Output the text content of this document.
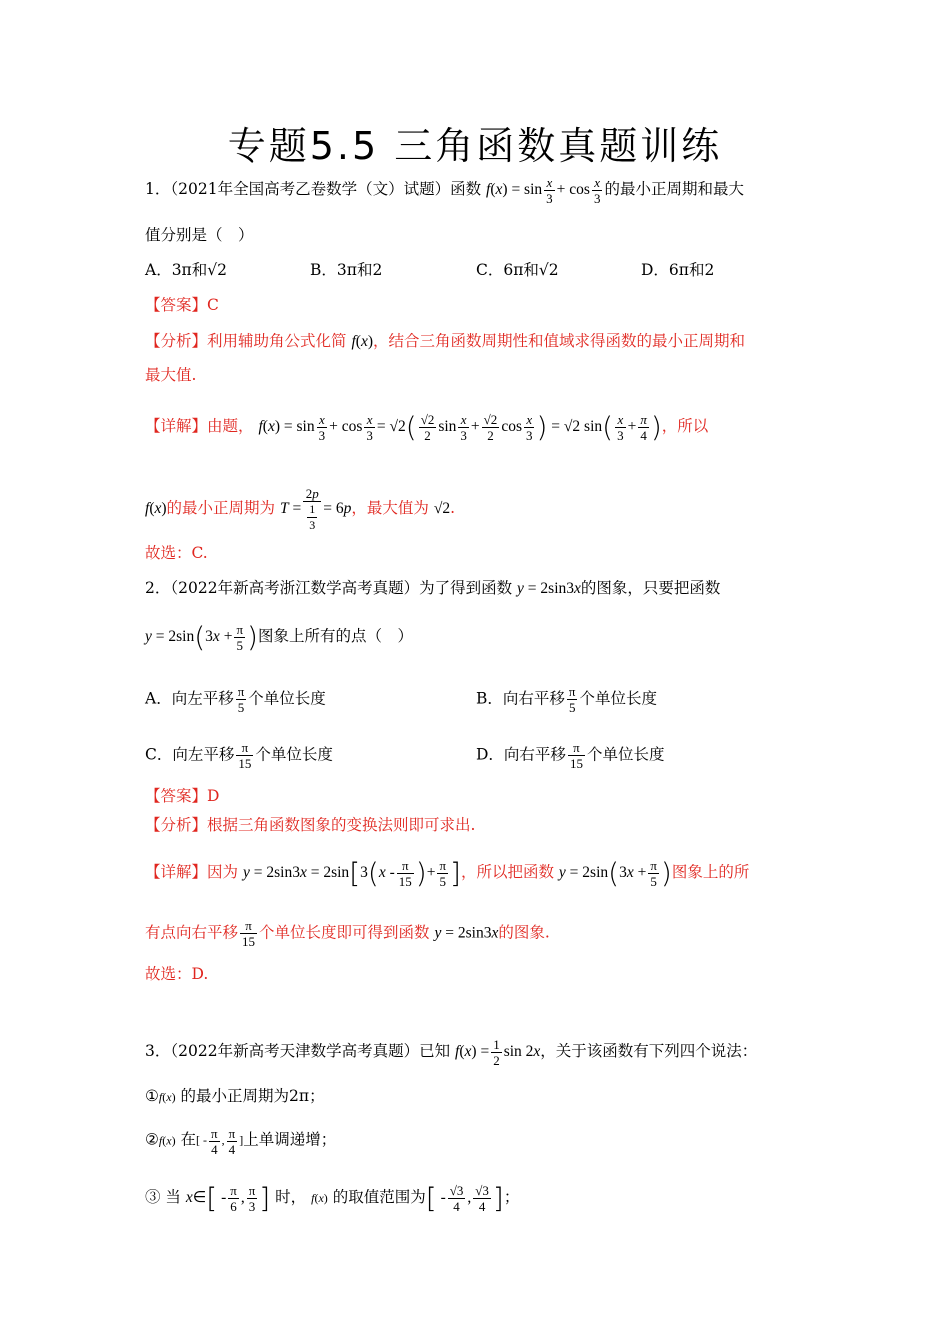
专题5.5 三角函数真题训练
1．（2021年全国高考乙卷数学（文）试题）函数 $f(x) = \sin \frac{x}{3} + \cos \frac{x}{3}$ 的最小正周期和最大
值分别是（　）
A．3π和√2	B．3π和2	C．6π和√2	D．6π和2
【答案】C
【分析】利用辅助角公式化简 f(x)，结合三角函数周期性和值域求得函数的最小正周期和
最大值.
【详解】由题， $f(x) = \sin \frac{x}{3} + \cos \frac{x}{3} = √2( \frac{√2}{2}$ $\sin \frac{x}{3} + \frac{√2}{2}$ $\cos \frac{x}{3}$ ) = √2 $\sin( \frac{x}{3} + \frac{\pi}{4}$ )，所以
f(x)的最小正周期为 $T = \frac{2p}{\frac{1}{3}} = 6p$，最大值为 √2.
故选：C.
2．（2022年新高考浙江数学高考真题）为了得到函数 y = 2sin3x的图象，只要把函数
$y = 2\sin(3x + \frac{\pi}{5}$ )图象上所有的点（　）
A．向左平移 $\frac{\pi}{5}$ 个单位长度	B．向右平移 $\frac{\pi}{5}$ 个单位长度
C．向左平移 $\frac{\pi}{15}$ 个单位长度	D．向右平移 $\frac{\pi}{15}$ 个单位长度
【答案】D
【分析】根据三角函数图象的变换法则即可求出.
【详解】因为 $y = 2\sin 3x = 2\sin[3(x - \frac{\pi}{15}$ )+ $\frac{\pi}{5}$ ]，所以把函数 $y = 2\sin(3x + \frac{\pi}{5}$ )图象上的所
有点向右平移 $\frac{\pi}{15}$ 个单位长度即可得到函数 y = 2sin3x的图象.
故选：D.
3．（2022年新高考天津数学高考真题）已知 $f(x) = \frac{1}{2}$ sin 2x，关于该函数有下列四个说法：
①f(x) 的最小正周期为2π；
②f(x) 在[ - $\frac{\pi}{4}$ , $\frac{\pi}{4}$ ]上单调递增；
③ 当 x∈[ - $\frac{\pi}{6}$ , $\frac{\pi}{3}$ ] 时， f(x) 的取值范围为[ - $\frac{√3}{4}$ , $\frac{√3}{4}$ ]；
